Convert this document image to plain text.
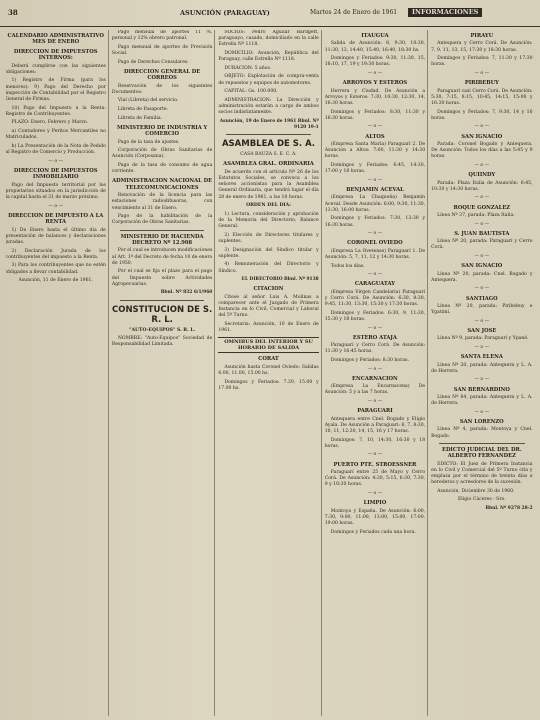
38	ASUNCIÓN (PARAGUAY)	Martes 24 de Enero de 1961	INFORMACIONES
CALENDARIO ADMINISTRATIVO MES DE ENERO
DIRECCION DE IMPUESTOS INTERNOS:

Deberá cumplirse con las siguientes obligaciones:

1) Registro de Firma (para los menores): 9) Pago del Derecho por inspección de Contabilidad por el Registro General de Firmas.

10) Pago del Impuesto a la Renta: Registro de Contribuyentes.

PLAZO: Enero, Febrero y Marzo.

a) Contadores y Peritos Mercantiles no Matriculados.

b) La Presentación de la Nota de Pedido al Registro de Comercio y Producción.

— o —
DIRECCION DE IMPUESTOS INMOBILIARIO

Pago del Impuesto territorial por los propietarios situados en la jurisdicción de la capital hasta el 31 de marzo próximo.

— o —
DIRECCION DE IMPUESTO A LA RENTA

1) De Enero hasta el último día de presentación de balances y declaraciones juradas.

2) Declaración Jurada de los contribuyentes del impuesto a la Renta.

3) Para los contribuyentes que no estén obligados a llevar contabilidad.

Asunción, 11 de Enero de 1961.

Pago mensual de aportes 11 %, personal y 12% obrero patronal.

Pago mensual de aportes de Previsión Social.

Pago de Derechos Consulares.

DIRECCION GENERAL DE CORREOS

Reservación de los sigueintes Documentos:

Vial (Libreta) del servicio.

Libreta de Pasaporte.

Libreta de Familia.

MINISTERIO DE INDUSTRIA Y COMERCIO

Pago de la tasa de ajustes.

Corporación de Obras Sanitarias de Asunción (Corposana).

Pago de la tasa de consumo de agua corriente.

ADMINISTRACION NACIONAL DE TELECOMUNICACIONES

Renovación de la licencia para las estaciones radiodifusoras, con vencimiento al 31 de Enero.

Pago de la habilitación de la Corporación de Obras Sanitarias.

MINISTERIO DE HACIENDA DECRETO Nº 12.908

Por el cual se introducen modificaciones al Art. 1º del Decreto de fecha 10 de enero de 1950.

Por el cual se fija el plazo para el pago del Impuesto sobre Actividades Agropecuarias.

Bbnl. Nº 832 6/1/960
CONSTITUCION DE S. R. L.

"AUTO-EQUIPOS" S. R. L.

NOMBRE: "Auto-Equipos" Sociedad de Responsabilidad Limitada.

SOCIOS: Pedro Aguilar Bardgett, paraguayo, casado, domiciliado en la calle Estrella Nº 1118.

DOMICILIO: Asunción, República del Paraguay, calle Estrella Nº 1118.

DURACION: 5 años.

OBJETO: Explotación de compra-venta de repuestos y equipos de automotores.

CAPITAL: Gs. 100.000.

ADMINISTRACION: La Dirección y administración estarán a cargo de ambos socios indistintamente.

Asunción, 19 de Enero de 1961 Bbnl. Nº 9120 19-1
ASAMBLEA DE S. A.

CASA BAUZA S. E. C. A.

ASAMBLEA GRAL. ORDINARIA

De acuerdo con el artículo Nº 26 de los Estatutos Sociales, se convoca a los señores accionistas para la Asamblea General Ordinaria, que tendrá lugar el día 28 de enero de 1961, a las 18 horas.

ORDEN DEL DIA:

1) Lectura, consideración y aprobación de la Memoria del Directorio, Balance General.

2) Elección de Directores titulares y suplentes.

3) Designación del Síndico titular y suplente.

4) Remuneración del Directorio y Síndico.

EL DIRECTORIO Bbnl. Nº 9138
CITACION

Cítese al señor Luis A. Molinas a comparecer ante el Juzgado de Primera Instancia en lo Civil, Comercial y Laboral del 5º Turno.

Secretaria: Asunción, 10 de Enero de 1961.

OMNIBUS DEL INTERIOR Y SU HORARIO DE SALIDA
CORAT

Asunción hasta Coronel Oviedo: Salidas 6.00, 11.00, 15.00 hs.

Domingos y Feriados: 7.30, 15.00 y 17.00 hs.

ITAUGUA

Salida de Asunción: 8, 9:30, 10:30, 11:30, 13, 14:40, 15:40, 16:40, 18:30 hs.

Domingos y Feriados: 9:30, 11:30, 15, 16:10, 17, 19 y 19:30 horas.

— o —
ARROYOS Y ESTEROS

Herrera y Ciudad. De Asunción a Arroyos y Esteros: 7:30, 10:30, 12:30, 14, 16:30 horas.

Domingos y Feriados: 8:30, 11:30 y 16:30 horas.

— o —
ALTOS

(Empresa Santa María) Paraguarí 2. De Asunción a Altos: 7:00, 11:30 y 14:30 horas.

Domingos y Feriados: 6:45, 14:30, 17:00 y 18 horas.

— o —
BENJAMIN ACEVAL

(Empresa La Chaqueña) Benjamín Aceval. Desde Asunción: 6:00, 9:30, 11:30, 13:30, 16:00 horas.

Domingos y Feriados: 7:30, 13:30 y 16:30 horas.

— o —
CORONEL OVIEDO

(Empresa La Ovetense) Paraguarí 1. De Asunción: 5, 7, 11, 12 y 14:30 horas.

Todos los días.

— o —
CARAGUATAY

(Empresa Virgen Candelaria) Paraguarí y Cerro Corá. De Asunción: 6:30, 8:30, 9:45, 11:30, 13:30, 15:30 y 17:30 horas.

Domingos y Feriados: 6:30, 9, 11:30, 15:30 y 18 horas.

— o —
ESTERO ATAJA

Paraguarí y Cerro Corá. De Asunción: 11:30 y 16:45 horas.

Domingos y Feriados: 8:30 horas.

— o —
ENCARNACION

(Empresa La Encarnacena) De Asunción: 5 y a las 7 horas.

— o —
PARAGUARI

Antequera entre Cnel. Bogado y Eligio Ayala. De Asunción a Paraguarí: 6, 7, 8:30, 10, 11, 12:30, 14, 15, 16 y 17 horas.

Domingos: 7, 10, 14:30, 16:30 y 18 horas.

— o —
PUERTO PTE. STROESSNER

Paraguarí entre 25 de Mayo y Cerro Corá. De Asunción: 4:30, 5:15, 6:30, 7:30, 9 y 10:30 horas.

— o —
LIMPIO

Montoya y España. De Asunción: 6:00, 7:30, 9:00, 11:00, 13:00, 15:00, 17:00, 19:00 horas.

Domingos y Feriados cada una hora.

PIRAYU

Antequera y Cerro Corá. De Asunción: 7, 9, 11, 13, 15, 17:30 y 18:30 horas.

Domingos y Feriados: 7, 11:30 y 17:30 horas.

— o —
PIRIBEBUY

Paraguarí casi Cerro Corá. De Asunción: 5:30, 7:15, 8:15, 10:45, 14:15, 15:00 y 16:30 horas.

Domingos y Feriados: 7, 9:30, 14 y 16 horas.

— o —
SAN IGNACIO

Parada: Coronel Bogado y Antequera. De Asunción: Todos los días a las 5:45 y 9 horas.

— o —
QUIINDY

Parada: Plaza Italia de Asunción: 6:45, 10:30 y 14:30 horas.

— o —
ROQUE GONZALEZ

Línea Nº 37, parada: Plaza Italia.

— o —
S. JUAN BAUTISTA

Línea Nº 20, parada: Paraguarí y Cerro Corá.

— o —
SAN IGNACIO

Línea Nº 20, parada: Cnel. Bogado y Antequera.

— o —
SANTIAGO

Línea Nº 20, parada: Piribebuy e Ygatimí.

— o —
SAN JOSE

Línea Nº 9, parada: Paraguarí y Ypané.

— o —
SANTA ELENA

Línea Nº 20, parada: Antequera y L. A. de Herrera.

— o —
SAN BERNARDINO

Línea Nº 64, parada: Antequera y L. A. de Herrera.

— o —
SAN LORENZO

Línea Nº 4, parada: Montoya y Cnel. Bogado.

EDICTO JUDICIAL DEL DR. ALBERTO FERNANDEZ

EDICTO: El Juez de Primera Instancia en lo Civil y Comercial del 5º Turno cita y emplaza por el término de treinta días a herederos y acreedores de la sucesión.

Asunción, Diciembre 30 de 1960.

Eligio Cáceres - Sro.

Bbnl. Nº 9278 28-2
